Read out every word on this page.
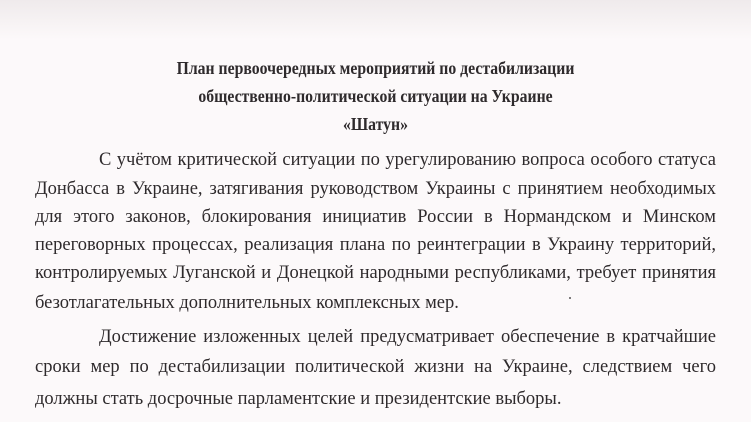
План первоочередных мероприятий по дестабилизации
общественно-политической ситуации на Украине
«Шатун»
С учётом критической ситуации по урегулированию вопроса особого статуса
Донбасса в Украине, затягивания руководством Украины с принятием необходимых
для этого законов, блокирования инициатив России в Нормандском и Минском
переговорных процессах, реализация плана по реинтеграции в Украину территорий,
контролируемых Луганской и Донецкой народными республиками, требует принятия
безотлагательных дополнительных комплексных мер.
Достижение изложенных целей предусматривает обеспечение в кратчайшие
сроки мер по дестабилизации политической жизни на Украине, следствием чего
должны стать досрочные парламентские и президентские выборы.
